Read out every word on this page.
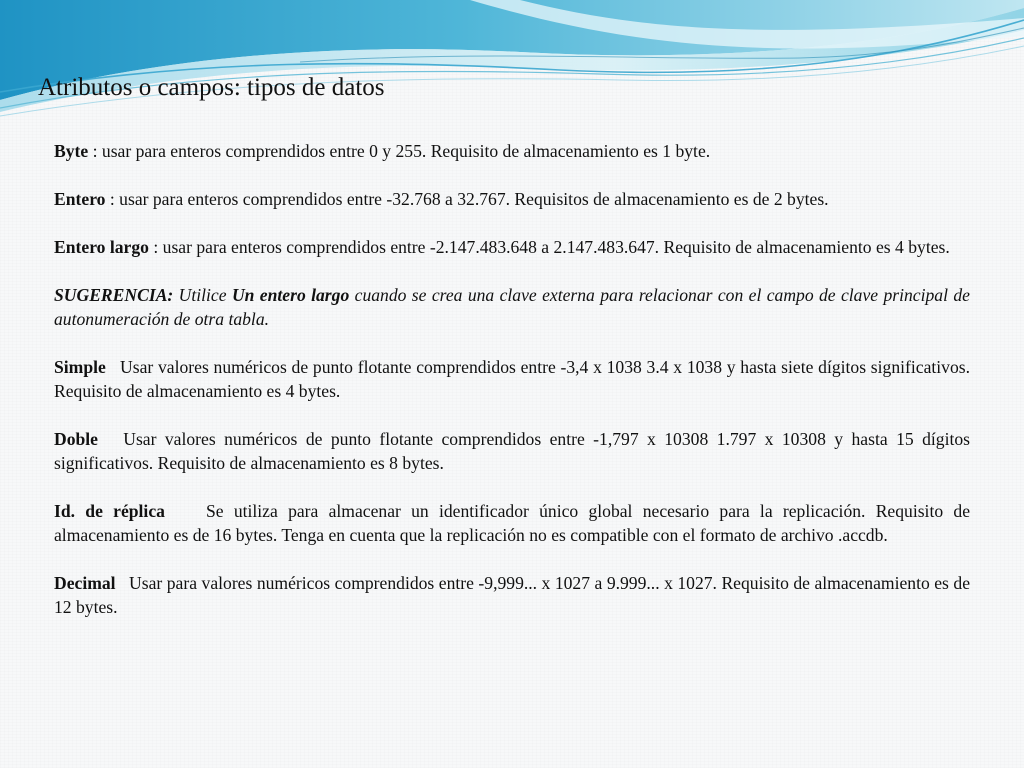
Atributos o campos: tipos de datos

Byte : usar para enteros comprendidos entre 0 y 255. Requisito de almacenamiento es 1 byte.

Entero : usar para enteros comprendidos entre -32.768 a 32.767. Requisitos de almacenamiento es de 2 bytes.

Entero largo : usar para enteros comprendidos entre -2.147.483.648 a 2.147.483.647. Requisito de almacenamiento es 4 bytes.

SUGERENCIA: Utilice Un entero largo cuando se crea una clave externa para relacionar con el campo de clave principal de autonumeración de otra tabla.

Simple Usar valores numéricos de punto flotante comprendidos entre -3,4 x 1038 3.4 x 1038 y hasta siete dígitos significativos. Requisito de almacenamiento es 4 bytes.

Doble Usar valores numéricos de punto flotante comprendidos entre -1,797 x 10308 1.797 x 10308 y hasta 15 dígitos significativos. Requisito de almacenamiento es 8 bytes.

Id. de réplica Se utiliza para almacenar un identificador único global necesario para la replicación. Requisito de almacenamiento es de 16 bytes. Tenga en cuenta que la replicación no es compatible con el formato de archivo .accdb.

Decimal Usar para valores numéricos comprendidos entre -9,999... x 1027 a 9.999... x 1027. Requisito de almacenamiento es de 12 bytes.
